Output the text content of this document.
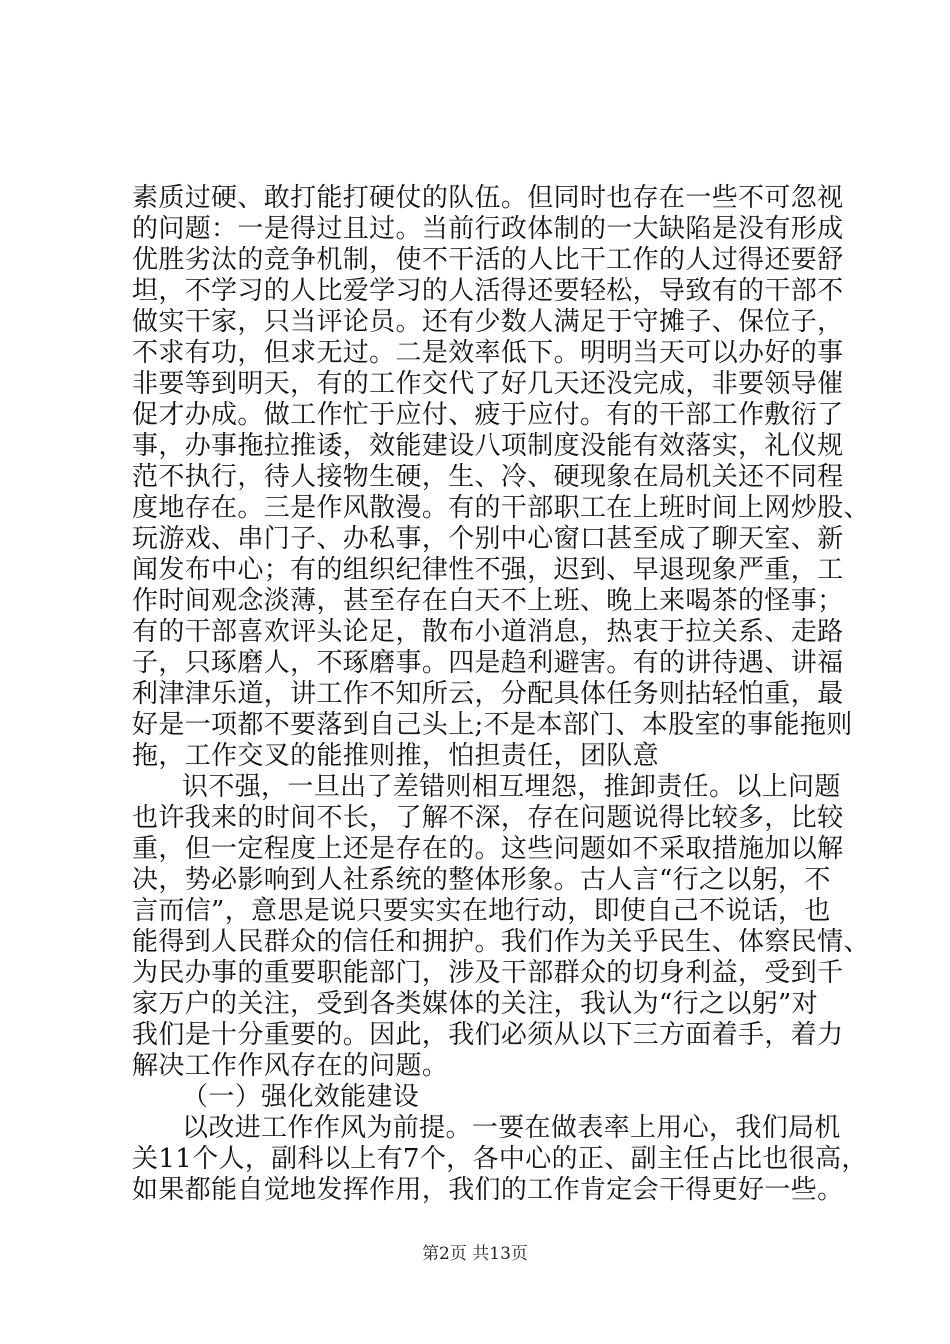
素质过硬、敢打能打硬仗的队伍。但同时也存在一些不可忽视
的问题：一是得过且过。当前行政体制的一大缺陷是没有形成
优胜劣汰的竞争机制，使不干活的人比干工作的人过得还要舒
坦，不学习的人比爱学习的人活得还要轻松，导致有的干部不
做实干家，只当评论员。还有少数人满足于守摊子、保位子，
不求有功，但求无过。二是效率低下。明明当天可以办好的事
非要等到明天，有的工作交代了好几天还没完成，非要领导催
促才办成。做工作忙于应付、疲于应付。有的干部工作敷衍了
事，办事拖拉推诿，效能建设八项制度没能有效落实，礼仪规
范不执行，待人接物生硬，生、冷、硬现象在局机关还不同程
度地存在。三是作风散漫。有的干部职工在上班时间上网炒股、
玩游戏、串门子、办私事，个别中心窗口甚至成了聊天室、新
闻发布中心；有的组织纪律性不强，迟到、早退现象严重，工
作时间观念淡薄，甚至存在白天不上班、晚上来喝茶的怪事；
有的干部喜欢评头论足，散布小道消息，热衷于拉关系、走路
子，只琢磨人，不琢磨事。四是趋利避害。有的讲待遇、讲福
利津津乐道，讲工作不知所云，分配具体任务则拈轻怕重，最
好是一项都不要落到自己头上;不是本部门、本股室的事能拖则
拖，工作交叉的能推则推，怕担责任，团队意
识不强，一旦出了差错则相互埋怨，推卸责任。以上问题
也许我来的时间不长，了解不深，存在问题说得比较多，比较
重，但一定程度上还是存在的。这些问题如不采取措施加以解
决，势必影响到人社系统的整体形象。古人言“行之以躬，不
言而信”，意思是说只要实实在地行动，即使自己不说话，也
能得到人民群众的信任和拥护。我们作为关乎民生、体察民情、
为民办事的重要职能部门，涉及干部群众的切身利益，受到千
家万户的关注，受到各类媒体的关注，我认为“行之以躬”对
我们是十分重要的。因此，我们必须从以下三方面着手，着力
解决工作作风存在的问题。
（一）强化效能建设
以改进工作作风为前提。一要在做表率上用心，我们局机
关11个人，副科以上有7个，各中心的正、副主任占比也很高，
如果都能自觉地发挥作用，我们的工作肯定会干得更好一些。
第2页 共13页
